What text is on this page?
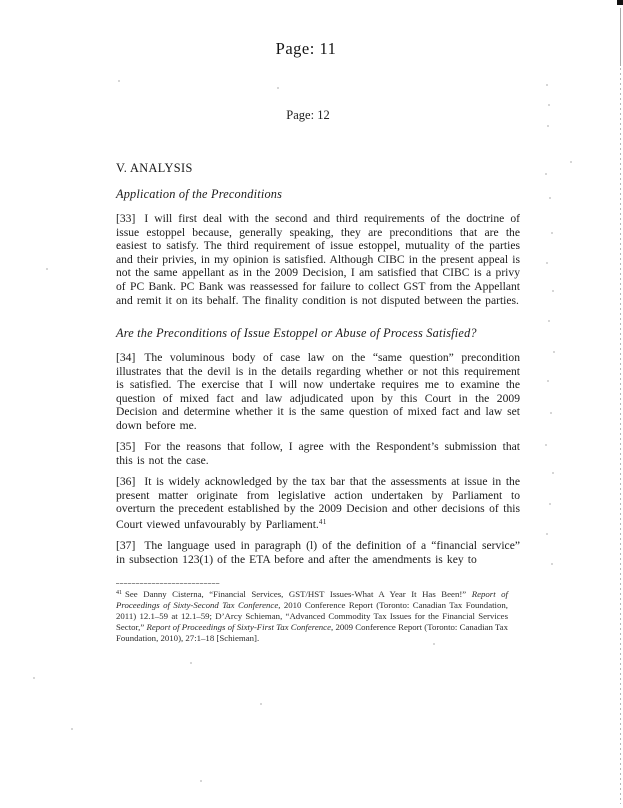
Page: 11
Page: 12
V. ANALYSIS
Application of the Preconditions

[33] I will first deal with the second and third requirements of the doctrine of issue estoppel because, generally speaking, they are preconditions that are the easiest to satisfy. The third requirement of issue estoppel, mutuality of the parties and their privies, in my opinion is satisfied. Although CIBC in the present appeal is not the same appellant as in the 2009 Decision, I am satisfied that CIBC is a privy of PC Bank. PC Bank was reassessed for failure to collect GST from the Appellant and remit it on its behalf. The finality condition is not disputed between the parties.

Are the Preconditions of Issue Estoppel or Abuse of Process Satisfied?

[34] The voluminous body of case law on the “same question” precondition illustrates that the devil is in the details regarding whether or not this requirement is satisfied. The exercise that I will now undertake requires me to examine the question of mixed fact and law adjudicated upon by this Court in the 2009 Decision and determine whether it is the same question of mixed fact and law set down before me.

[35] For the reasons that follow, I agree with the Respondent’s submission that this is not the case.

[36] It is widely acknowledged by the tax bar that the assessments at issue in the present matter originate from legislative action undertaken by Parliament to overturn the precedent established by the 2009 Decision and other decisions of this Court viewed unfavourably by Parliament.$^{41}$

[37] The language used in paragraph (l) of the definition of a “financial service” in subsection 123(1) of the ETA before and after the amendments is key to

$^{41}$ See Danny Cisterna, “Financial Services, GST/HST Issues-What A Year It Has Been!” Report of Proceedings of Sixty-Second Tax Conference, 2010 Conference Report (Toronto: Canadian Tax Foundation, 2011) 12.1–59 at 12.1–59; D’Arcy Schieman, “Advanced Commodity Tax Issues for the Financial Services Sector,” Report of Proceedings of Sixty-First Tax Conference, 2009 Conference Report (Toronto: Canadian Tax Foundation, 2010), 27:1–18 [Schieman].
